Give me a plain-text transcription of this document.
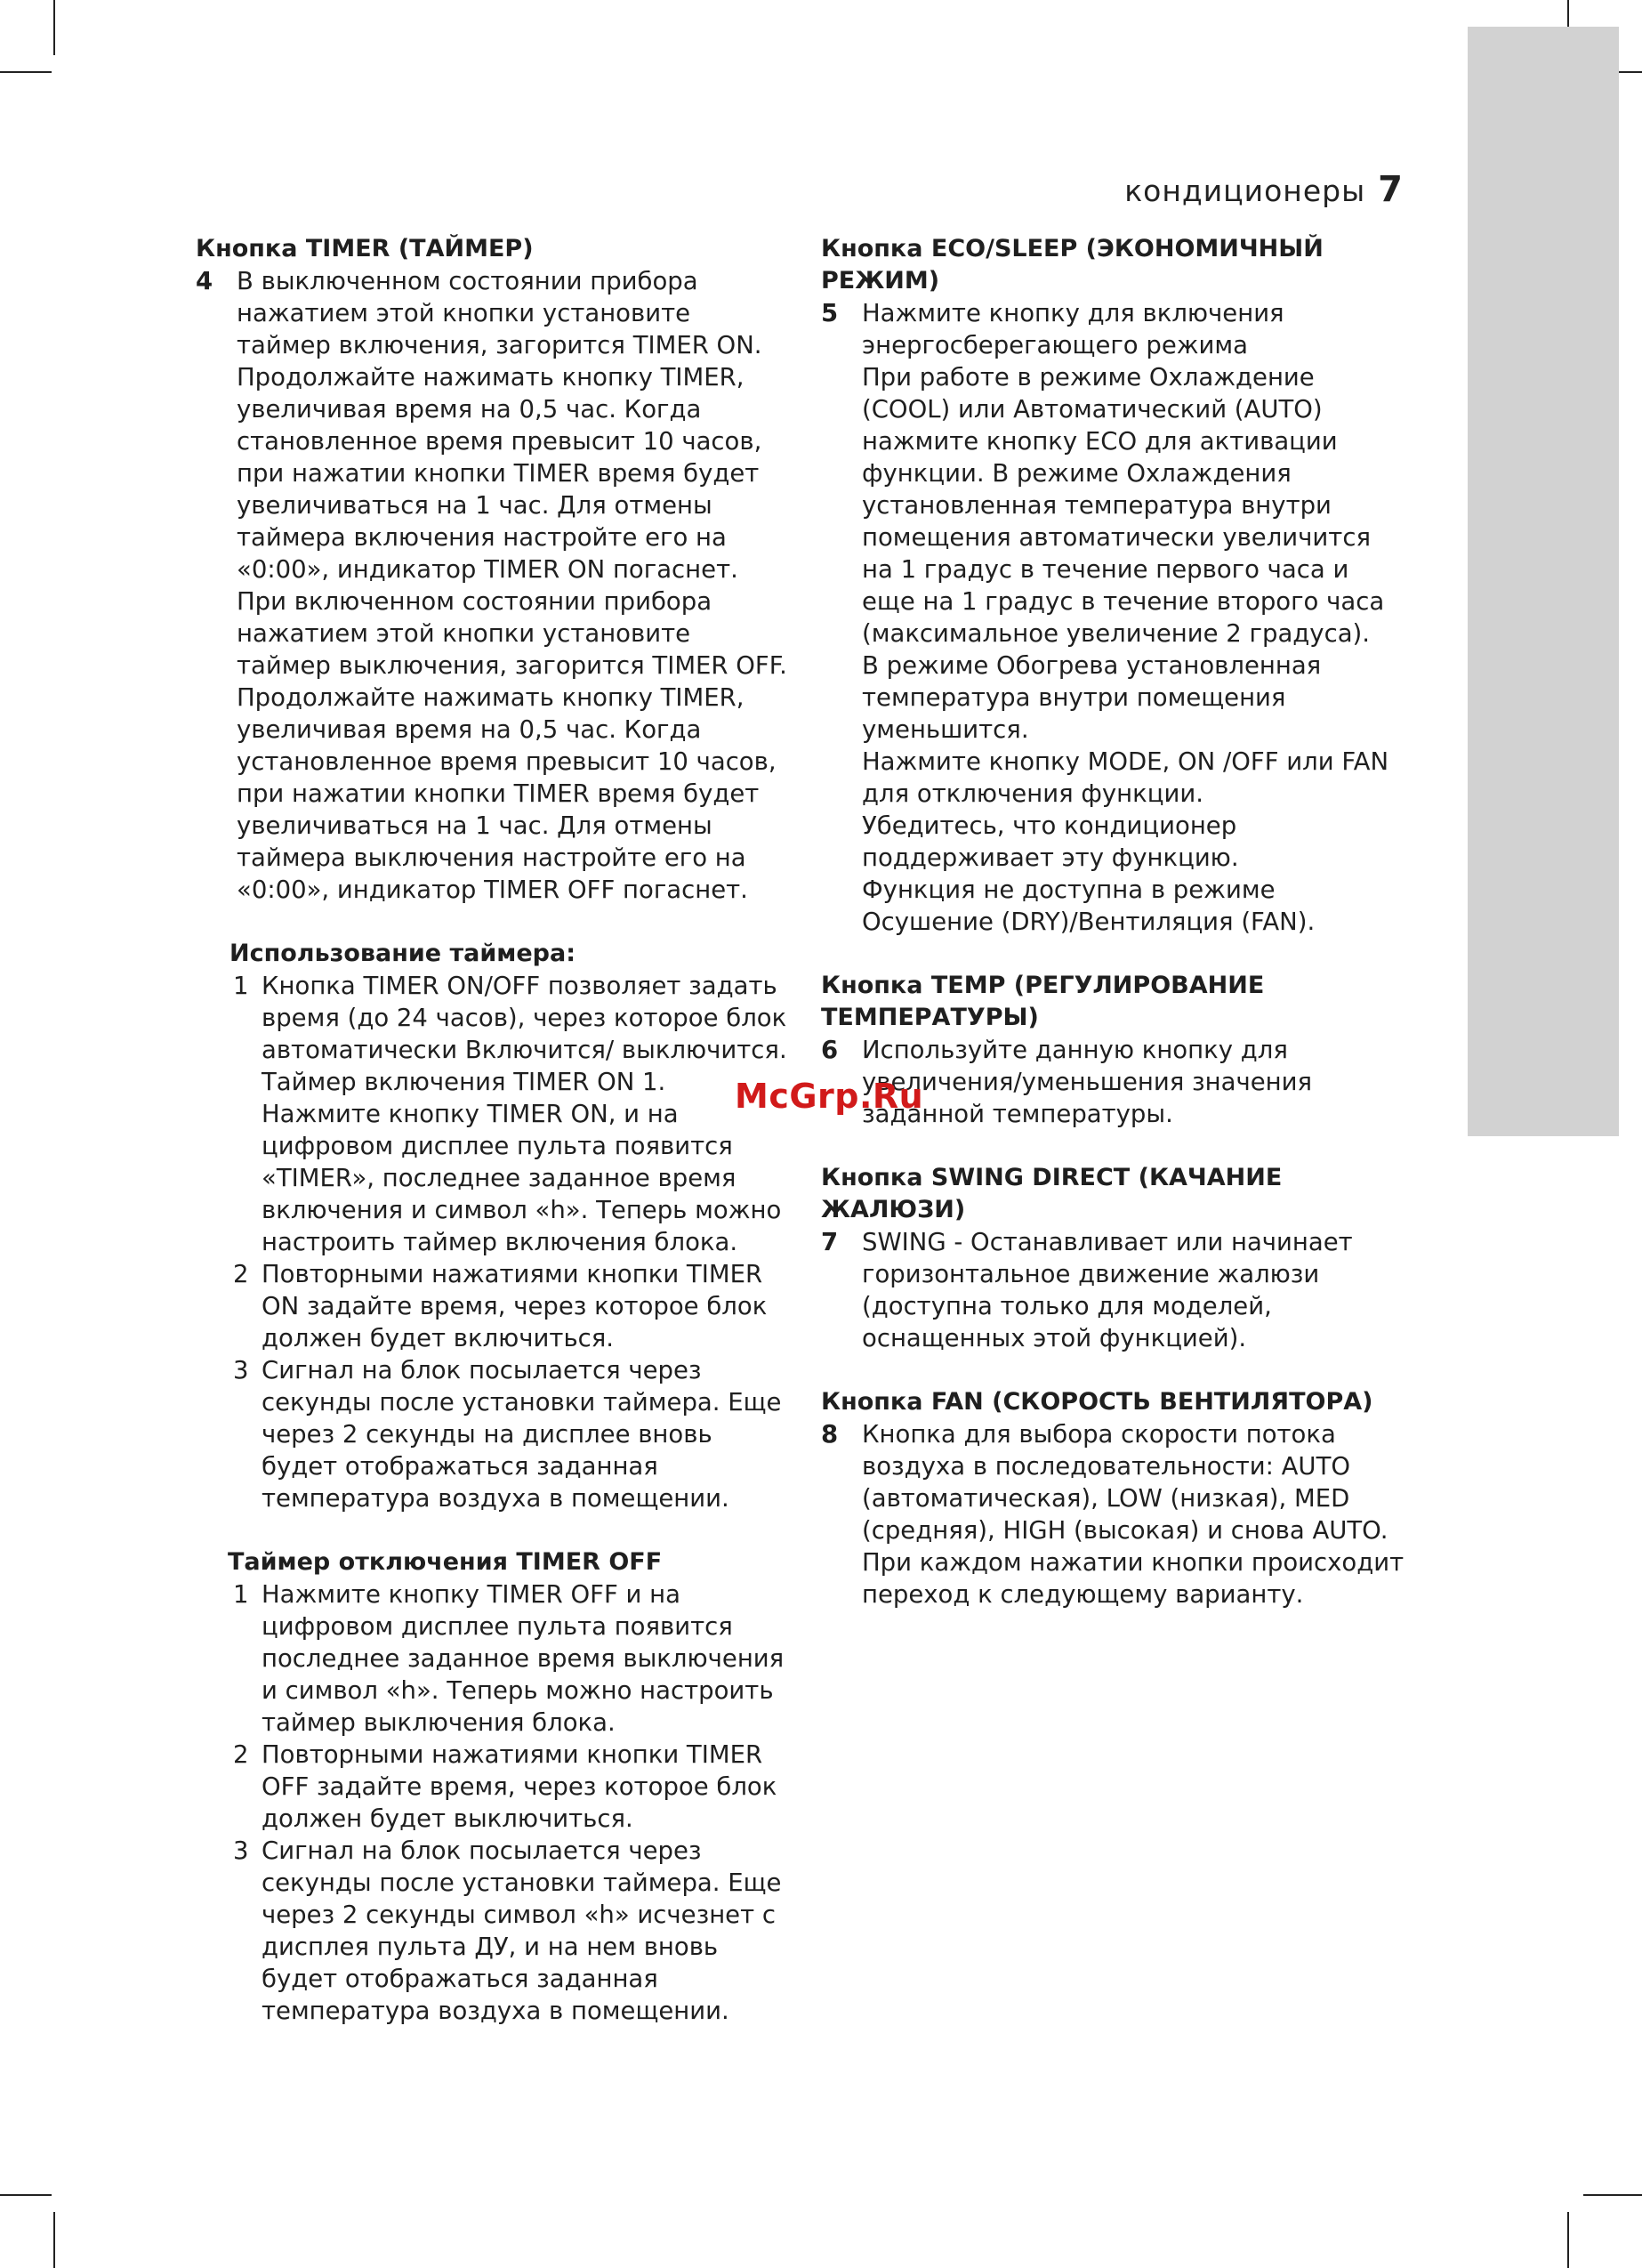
кондиционеры 7
Кнопка TIMER (ТАЙМЕР)
4 В выключенном состоянии прибора нажатием этой кнопки установите таймер включения, загорится TIMER ON. Продолжайте нажимать кнопку TIMER, увеличивая время на 0,5 час. Когда становленное время превысит 10 часов, при нажатии кнопки TIMER время будет увеличиваться на 1 час. Для отмены таймера включения настройте его на «0:00», индикатор TIMER ON погаснет. При включенном состоянии прибора нажатием этой кнопки установите таймер выключения, загорится TIMER OFF. Продолжайте нажимать кнопку TIMER, увеличивая время на 0,5 час. Когда установленное время превысит 10 часов, при нажатии кнопки TIMER время будет увеличиваться на 1 час. Для отмены таймера выключения настройте его на «0:00», индикатор TIMER OFF погаснет.
Использование таймера:
1 Кнопка TIMER ON/OFF позволяет задать время (до 24 часов), через которое блок автоматически Включится/ выключится. Таймер включения TIMER ON 1. Нажмите кнопку TIMER ON, и на цифровом дисплее пульта появится «TIMER», последнее заданное время включения и символ «h». Теперь можно настроить таймер включения блока.
2 Повторными нажатиями кнопки TIMER ON задайте время, через которое блок должен будет включиться.
3 Сигнал на блок посылается через секунды после установки таймера. Еще через 2 секунды на дисплее вновь будет отображаться заданная температура воздуха в помещении.
Таймер отключения TIMER OFF
1 Нажмите кнопку TIMER OFF и на цифровом дисплее пульта появится последнее заданное время выключения и символ «h». Теперь можно настроить таймер выключения блока.
2 Повторными нажатиями кнопки TIMER OFF задайте время, через которое блок должен будет выключиться.
3 Сигнал на блок посылается через секунды после установки таймера. Еще через 2 секунды символ «h» исчезнет с дисплея пульта ДУ, и на нем вновь будет отображаться заданная температура воздуха в помещении.
Кнопка ECO/SLEEP (ЭКОНОМИЧНЫЙ РЕЖИМ)
5 Нажмите кнопку для включения энергосберегающего режима
При работе в режиме Охлаждение (COOL) или Автоматический (AUTO) нажмите кнопку ECO для активации функции. В режиме Охлаждения установленная температура внутри помещения автоматически увеличится на 1 градус в течение первого часа и еще на 1 градус в течение второго часа (максимальное увеличение 2 градуса).
В режиме Обогрева установленная температура внутри помещения уменьшится.
Нажмите кнопку MODE, ON /OFF или FAN для отключения функции.
Убедитесь, что кондиционер поддерживает эту функцию.
Функция не доступна в режиме Осушение (DRY)/Вентиляция (FAN).
Кнопка TEMP (РЕГУЛИРОВАНИЕ ТЕМПЕРАТУРЫ)
6 Используйте данную кнопку для увеличения/уменьшения значения заданной температуры.
Кнопка SWING DIRECT (КАЧАНИЕ ЖАЛЮЗИ)
7 SWING - Останавливает или начинает горизонтальное движение жалюзи (доступна только для моделей, оснащенных этой функцией).
Кнопка FAN (СКОРОСТЬ ВЕНТИЛЯТОРА)
8 Кнопка для выбора скорости потока воздуха в последовательности: AUTO (автоматическая), LOW (низкая), MED (средняя), HIGH (высокая) и снова AUTO. При каждом нажатии кнопки происходит переход к следующему варианту.
McGrp.Ru
